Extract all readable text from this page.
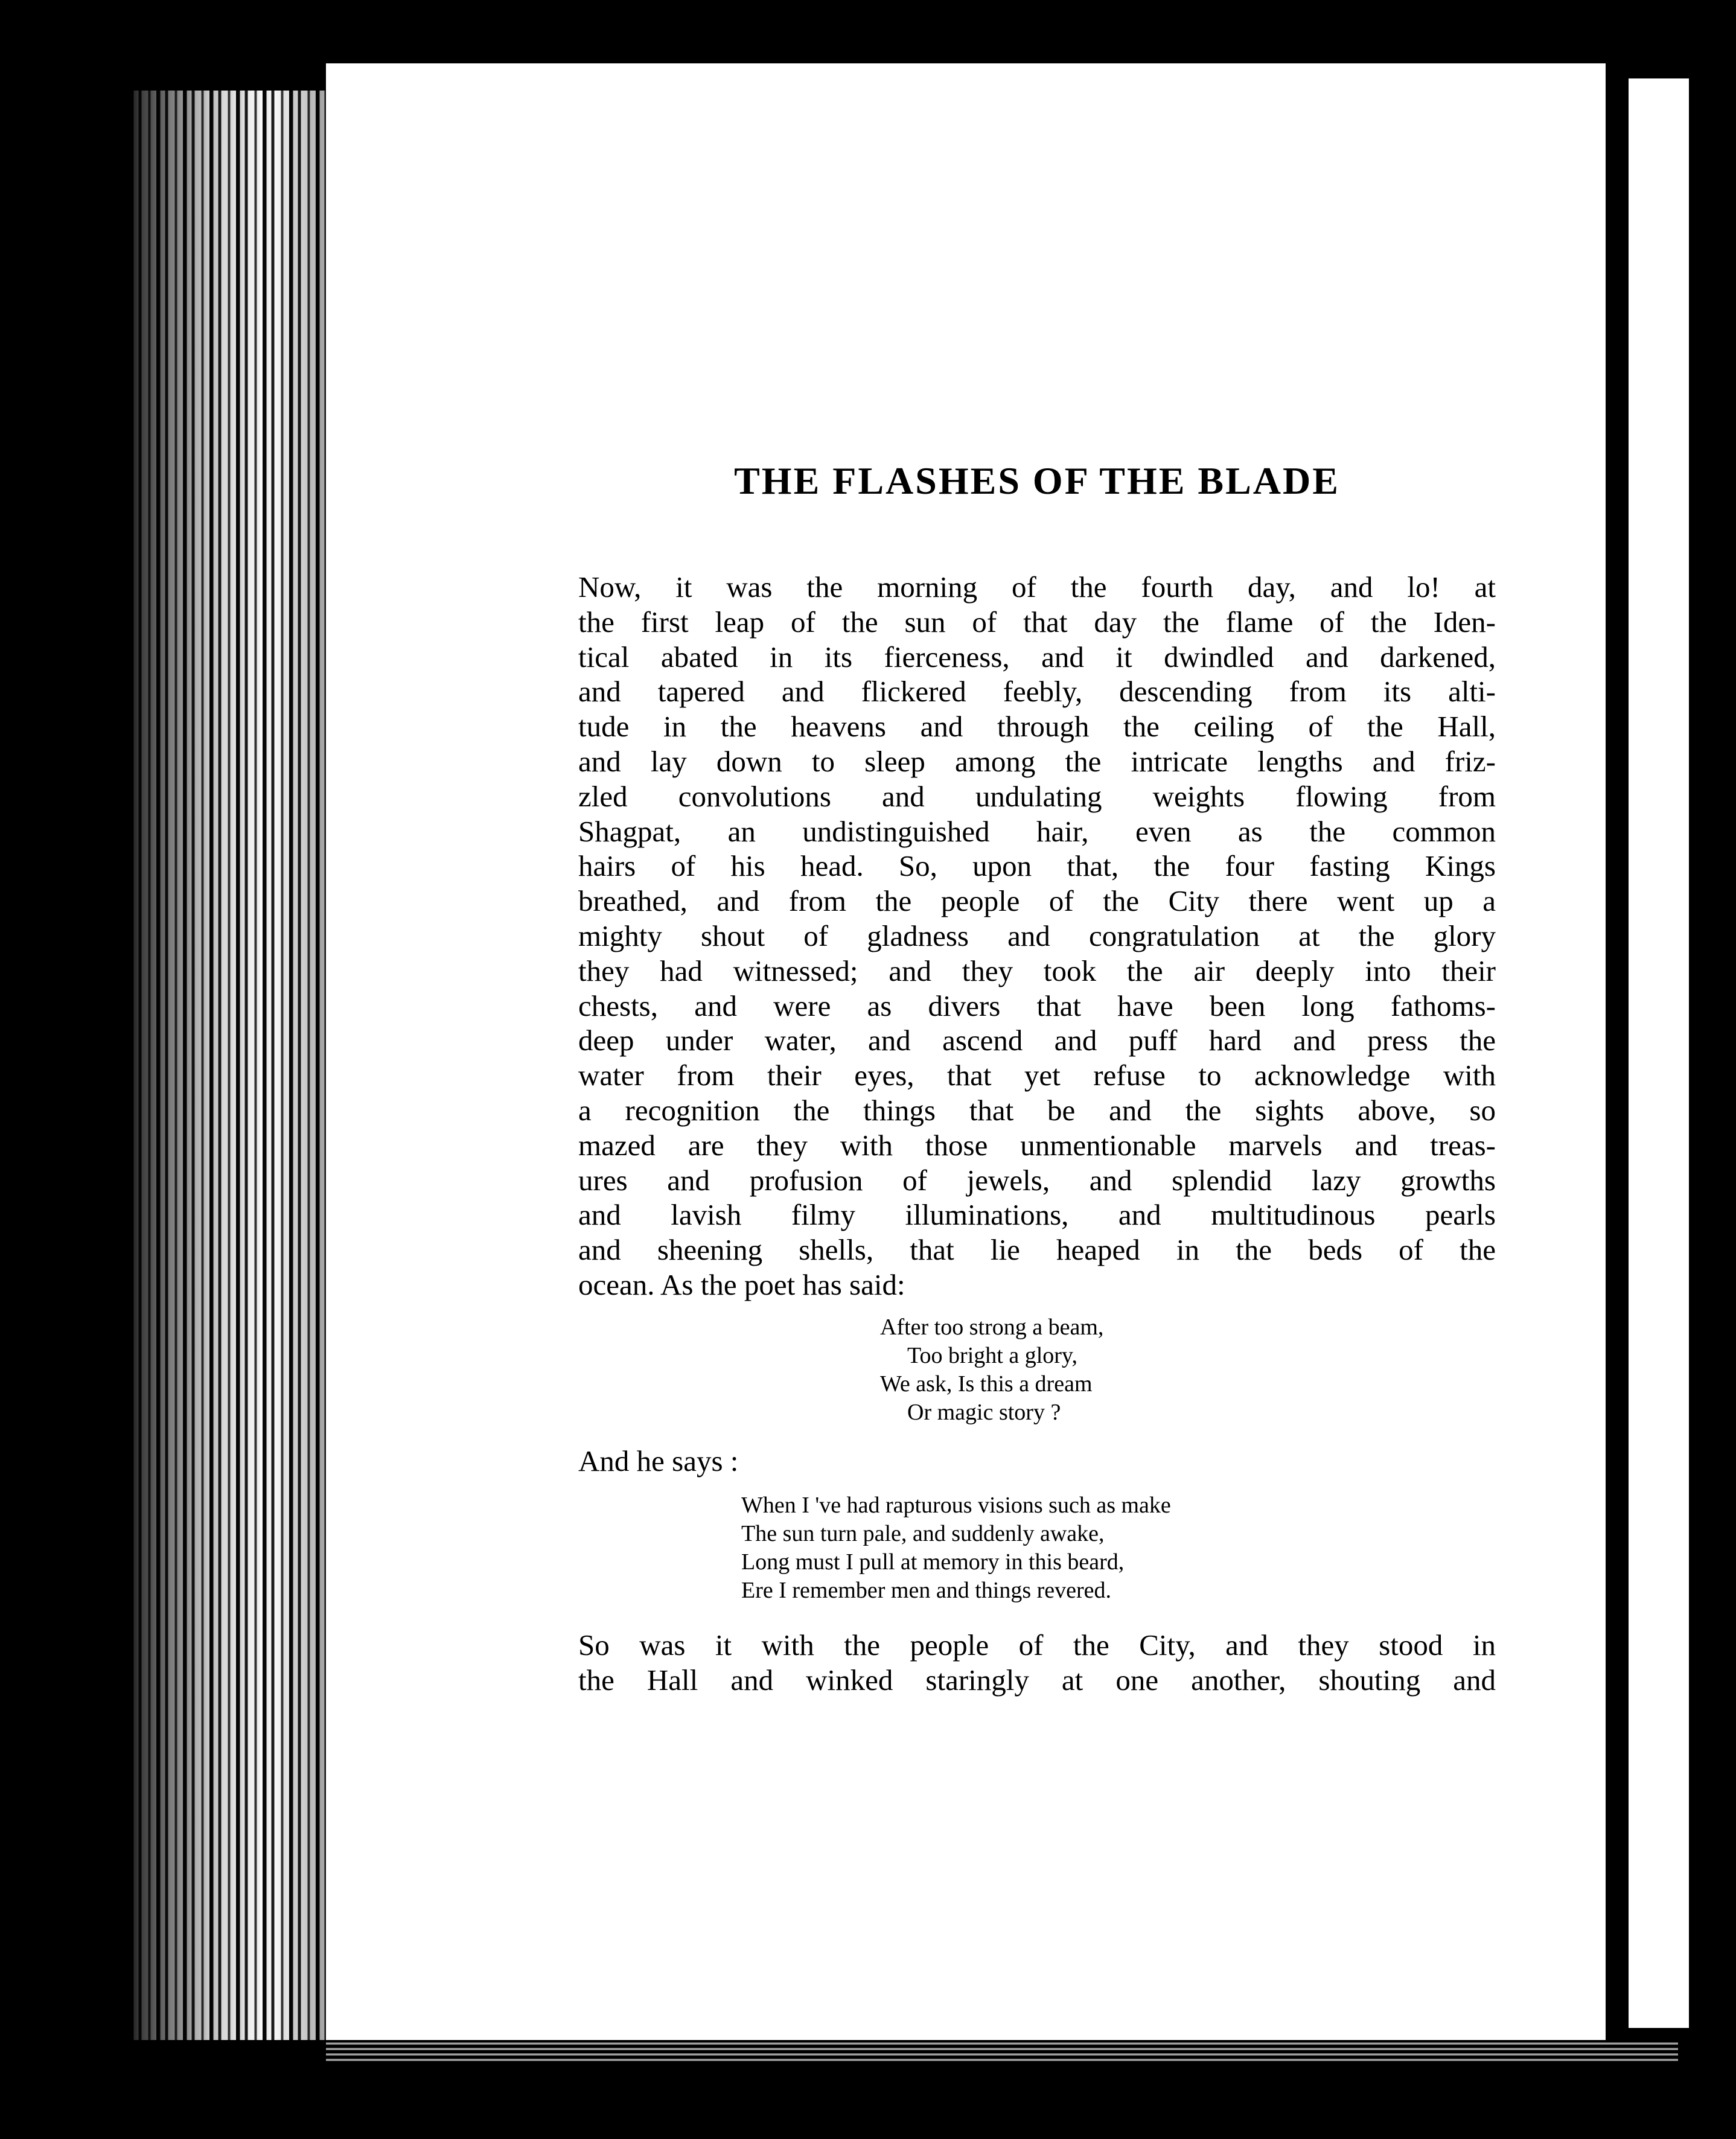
THE FLASHES OF THE BLADE

Now, it was the morning of the fourth day, and lo! at
the first leap of the sun of that day the flame of the Iden-
tical abated in its fierceness, and it dwindled and darkened,
and tapered and flickered feebly, descending from its alti-
tude in the heavens and through the ceiling of the Hall,
and lay down to sleep among the intricate lengths and friz-
zled convolutions and undulating weights flowing from
Shagpat, an undistinguished hair, even as the common
hairs of his head. So, upon that, the four fasting Kings
breathed, and from the people of the City there went up a
mighty shout of gladness and congratulation at the glory
they had witnessed; and they took the air deeply into their
chests, and were as divers that have been long fathoms-
deep under water, and ascend and puff hard and press the
water from their eyes, that yet refuse to acknowledge with
a recognition the things that be and the sights above, so
mazed are they with those unmentionable marvels and treas-
ures and profusion of jewels, and splendid lazy growths
and lavish filmy illuminations, and multitudinous pearls
and sheening shells, that lie heaped in the beds of the
ocean. As the poet has said:

After too strong a beam,
Too bright a glory,
We ask, Is this a dream
Or magic story ?
And he says :
When I 've had rapturous visions such as make
The sun turn pale, and suddenly awake,
Long must I pull at memory in this beard,
Ere I remember men and things revered.

So was it with the people of the City, and they stood in
the Hall and winked staringly at one another, shouting and
